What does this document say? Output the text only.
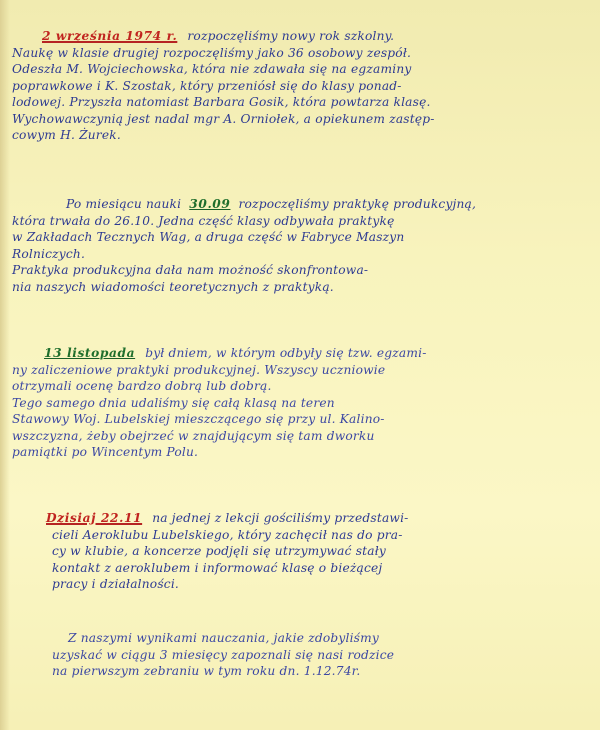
2 września 1974 r. rozpoczęliśmy nowy rok szkolny.
Naukę w klasie drugiej rozpoczęliśmy jako 36 osobowy zespół.
Odeszła M. Wojciechowska, która nie zdawała się na egzaminy
poprawkowe i K. Szostak, który przeniósł się do klasy ponad-
lodowej. Przyszła natomiast Barbara Gosik, która powtarza klasę.
Wychowawczynią jest nadal mgr A. Orniołek, a opiekunem zastęp-
cowym H. Żurek.
Po miesiącu nauki 30.09 rozpoczęliśmy praktykę produkcyjną,
która trwała do 26.10. Jedna część klasy odbywała praktykę
w Zakładach Tecznych Wag, a druga część w Fabryce Maszyn
Rolniczych.
Praktyka produkcyjna dała nam możność skonfrontowa-
nia naszych wiadomości teoretycznych z praktyką.
13 listopada był dniem, w którym odbyły się tzw. egzami-
ny zaliczeniowe praktyki produkcyjnej. Wszyscy uczniowie
otrzymali ocenę bardzo dobrą lub dobrą.
Tego samego dnia udaliśmy się całą klasą na teren
Stawowy Woj. Lubelskiej mieszczącego się przy ul. Kalino-
wszczyzna, żeby obejrzeć w znajdującym się tam dworku
pamiątki po Wincentym Polu.
Dzisiaj 22.11 na jednej z lekcji gościliśmy przedstawi-
cieli Aeroklubu Lubelskiego, który zachęcił nas do pra-
cy w klubie, a koncerze podjęli się utrzymywać stały
kontakt z aeroklubem i informować klasę o bieżącej
pracy i działalności.
Z naszymi wynikami nauczania, jakie zdobyliśmy
uzyskać w ciągu 3 miesięcy zapoznali się nasi rodzice
na pierwszym zebraniu w tym roku dn. 1.12.74r.
